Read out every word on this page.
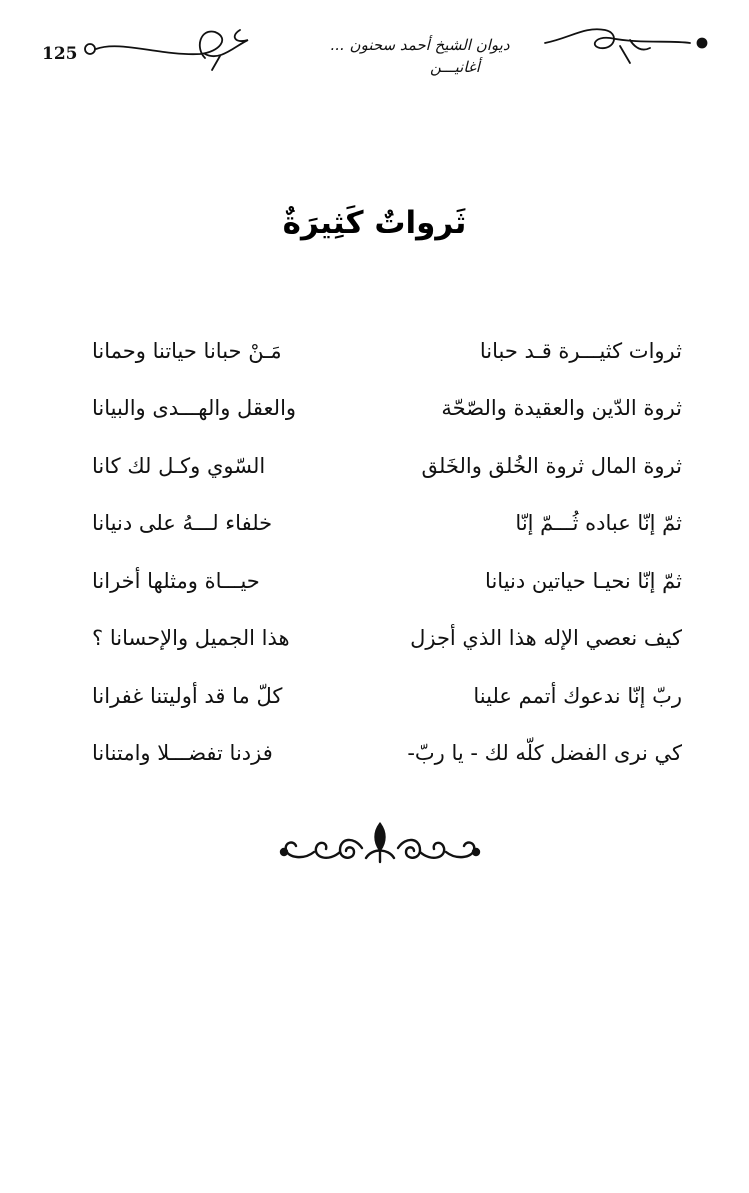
125	ديوان الشيخ أحمد سحنون ...
أغانيـــن
ثَرواتٌ كَثِيرَةٌ
ثروات كثيـــرة قـد حبانا
مَـنْ حبانا حياتنا وحمانا
ثروة الدّين والعقيدة والصّحّة
والعقل والهـــدى والبيانا
ثروة المال ثروة الخُلق والخَلق
السّوي وكـل لك كانا
ثمّ إنّا عباده ثُـــمّ إنّا
خلفاء لـــهُ على دنيانا
ثمّ إنّا نحيـا حياتين دنيانا
حيـــاة ومثلها أخرانا
كيف نعصي الإله هذا الذي أجزل
هذا الجميل والإحسانا ؟
ربّ إنّا ندعوك أتمم علينا
كلّ ما قد أوليتنا غفرانا
كي نرى الفضل كلّه لك - يا ربّ-
فزدنا تفضـــلا وامتنانا
